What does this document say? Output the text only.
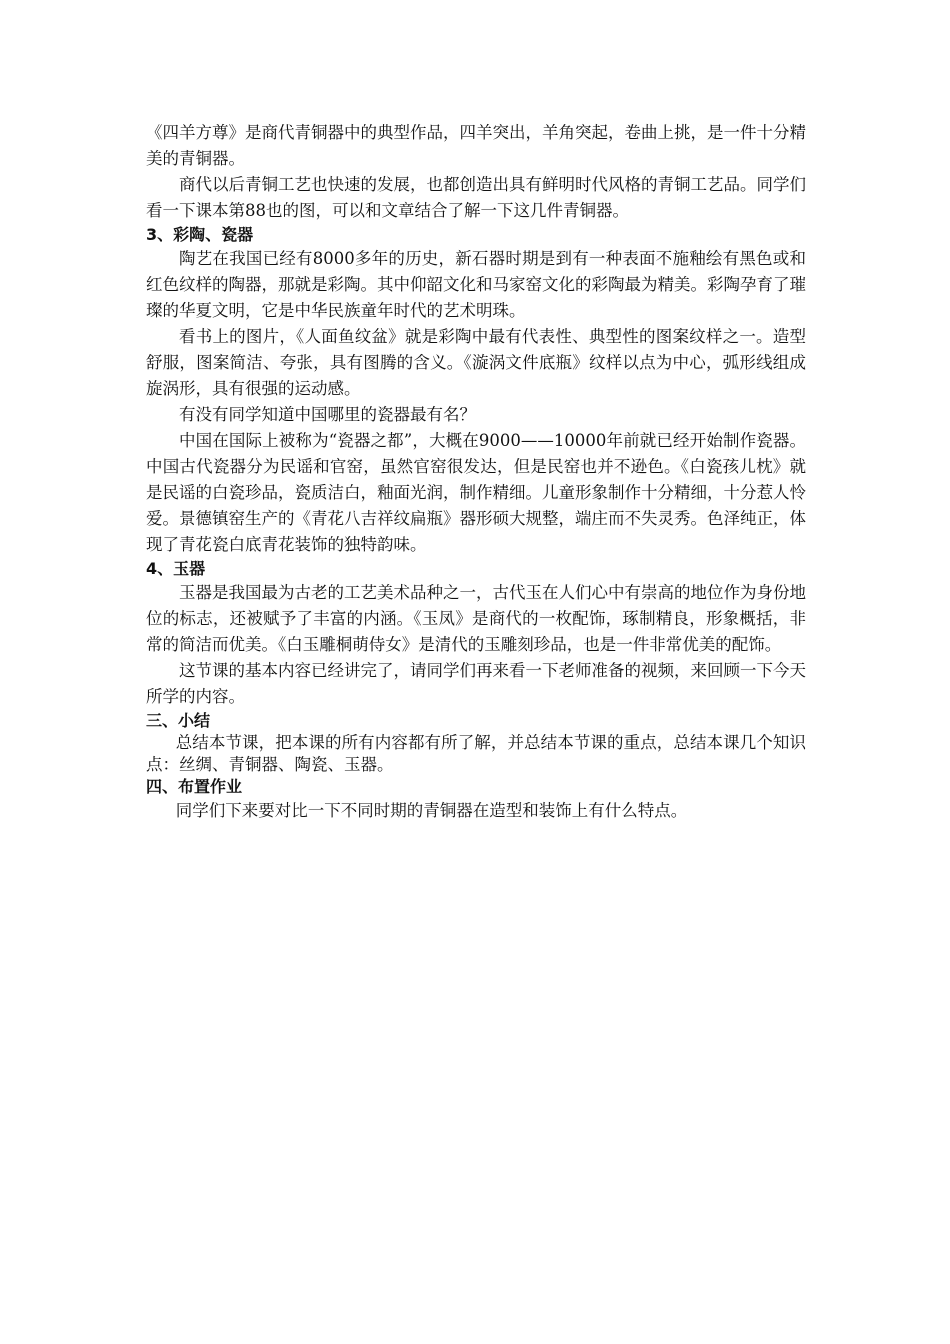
《四羊方尊》是商代青铜器中的典型作品，四羊突出，羊角突起，卷曲上挑，是一件十分精美的青铜器。

商代以后青铜工艺也快速的发展，也都创造出具有鲜明时代风格的青铜工艺品。同学们看一下课本第88也的图，可以和文章结合了解一下这几件青铜器。

3、彩陶、瓷器

陶艺在我国已经有8000多年的历史，新石器时期是到有一种表面不施釉绘有黑色或和红色纹样的陶器，那就是彩陶。其中仰韶文化和马家窑文化的彩陶最为精美。彩陶孕育了璀璨的华夏文明，它是中华民族童年时代的艺术明珠。

看书上的图片，《人面鱼纹盆》就是彩陶中最有代表性、典型性的图案纹样之一。造型舒服，图案简洁、夸张，具有图腾的含义。《漩涡文件底瓶》纹样以点为中心，弧形线组成旋涡形，具有很强的运动感。

有没有同学知道中国哪里的瓷器最有名？

中国在国际上被称为“瓷器之都”，大概在9000——10000年前就已经开始制作瓷器。中国古代瓷器分为民谣和官窑，虽然官窑很发达，但是民窑也并不逊色。《白瓷孩儿枕》就是民谣的白瓷珍品，瓷质洁白，釉面光润，制作精细。儿童形象制作十分精细，十分惹人怜爱。景德镇窑生产的《青花八吉祥纹扁瓶》器形硕大规整，端庄而不失灵秀。色泽纯正，体现了青花瓷白底青花装饰的独特韵味。

4、玉器

玉器是我国最为古老的工艺美术品种之一，古代玉在人们心中有崇高的地位作为身份地位的标志，还被赋予了丰富的内涵。《玉凤》是商代的一枚配饰，琢制精良，形象概括，非常的简洁而优美。《白玉雕桐萌侍女》是清代的玉雕刻珍品，也是一件非常优美的配饰。

这节课的基本内容已经讲完了，请同学们再来看一下老师准备的视频，来回顾一下今天所学的内容。

三、小结

总结本节课，把本课的所有内容都有所了解，并总结本节课的重点，总结本课几个知识点：丝绸、青铜器、陶瓷、玉器。

四、布置作业

同学们下来要对比一下不同时期的青铜器在造型和装饰上有什么特点。
